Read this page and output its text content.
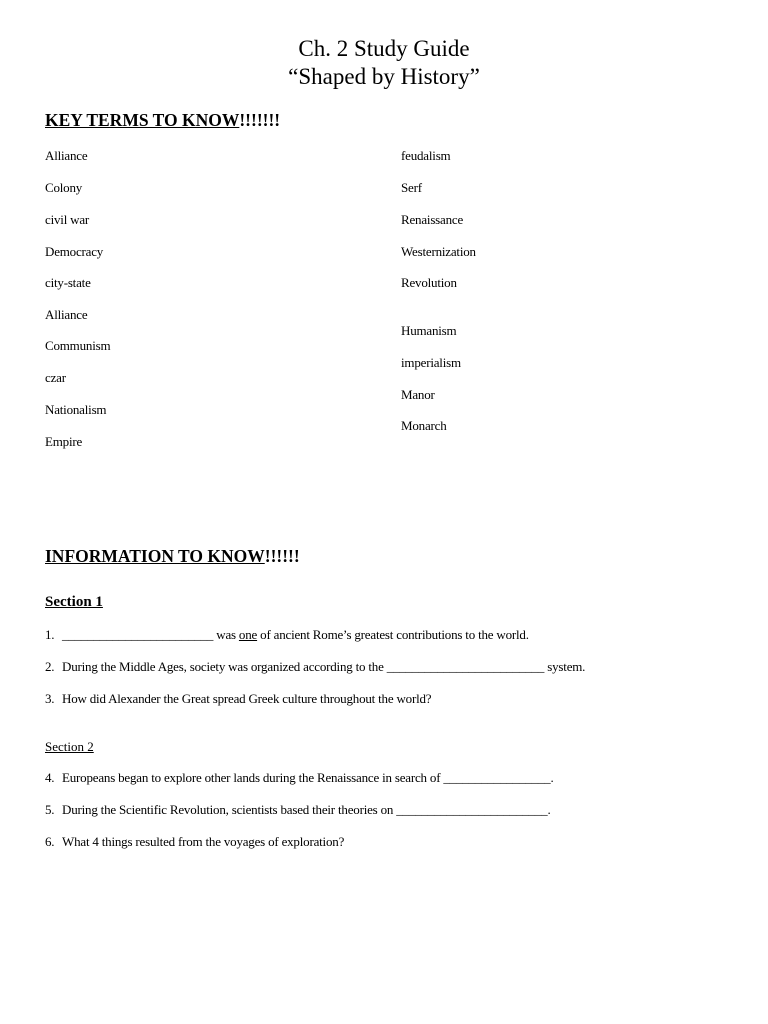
Ch. 2 Study Guide
“Shaped by History”
KEY TERMS TO KNOW!!!!!!!
Alliance
Colony
civil war
Democracy
city-state
Alliance
Communism
czar
Nationalism
Empire
feudalism
Serf
Renaissance
Westernization
Revolution
Humanism
imperialism
Manor
Monarch
INFORMATION TO KNOW!!!!!!
Section 1
1. ________________________ was one of ancient Rome’s greatest contributions to the world.
2. During the Middle Ages, society was organized according to the _________________________ system.
3. How did Alexander the Great spread Greek culture throughout the world?
Section 2
4. Europeans began to explore other lands during the Renaissance in search of _________________.
5. During the Scientific Revolution, scientists based their theories on ________________________.
6. What 4 things resulted from the voyages of exploration?
